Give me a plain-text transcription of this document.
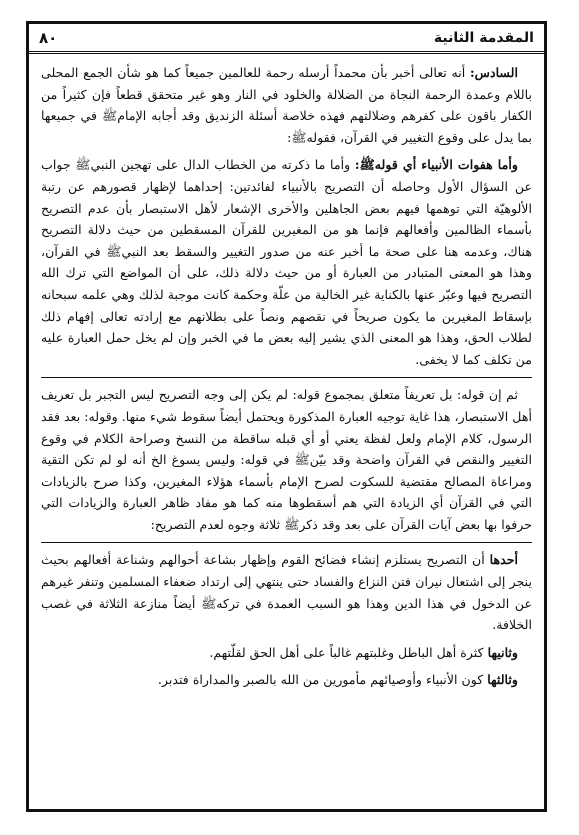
المقدمة الثانية
٨٠

السادس: أنه تعالى أخبر بأن محمداً أرسله رحمة للعالمين جميعاً كما هو شأن الجمع المحلى باللام وعمدة الرحمة النجاة من الضلالة والخلود في النار وهو غير متحقق قطعاً فإن كثيراً من الكفار باقون على كفرهم وضلالتهم فهذه خلاصة أسئلة الزنديق وقد أجابه الإمامﷺ في جميعها بما يدل على وقوع التغيير في القرآن، فقولهﷺ:

وأما هفوات الأنبياء أي قولهﷺ: وأما ما ذكرته من الخطاب الدال على تهجين النبيﷺ جواب عن السؤال الأول وحاصله أن التصريح بالأنبياء لفائدتين: إحداهما لإظهار قصورهم عن رتبة الألوهيّة التي توهمها فيهم بعض الجاهلين والأخرى الإشعار لأهل الاستبصار بأن عدم التصريح بأسماء الظالمين وأفعالهم فإنما هو من المغيرين للقرآن المسقطين من حيث دلالة التصريح هناك، وعدمه هنا على صحة ما أخبر عنه من صدور التغيير والسقط بعد النبيﷺ في القرآن، وهذا هو المعنى المتبادر من العبارة أو من حيث دلالة ذلك، على أن المواضع التي ترك الله التصريح فيها وعبّر عنها بالكناية غير الخالية من علّة وحكمة كانت موجبة لذلك وهي علمه سبحانه بإسقاط المغيرين ما يكون صريحاً في نقصهم ونصاً على بطلانهم مع إرادته تعالى إفهام ذلك لطلاب الحق، وهذا هو المعنى الذي يشير إليه بعض ما في الخبر وإن لم يخل حمل العبارة عليه من تكلف كما لا يخفى.

ثم إن قوله: بل تعريفاً متعلق بمجموع قوله: لم يكن إلى وجه التصريح ليس التجبر بل تعريف أهل الاستبصار، هذا غاية توجيه العبارة المذكورة ويحتمل أيضاً سقوط شيء منها. وقوله: بعد فقد الرسول، كلام الإمام ولعل لفظة يعني أو أي قبله ساقطة من النسخ وصراحة الكلام في وقوع التغيير والنقص في القرآن واضحة وقد بيّنﷺ في قوله: وليس يسوغ الخ أنه لو لم تكن التقية ومراعاة المصالح مقتضية للسكوت لصرح الإمام بأسماء هؤلاء المغيرين، وكذا صرح بالزيادات التي في القرآن أي الزيادة التي هم أسقطوها منه كما هو مفاد ظاهر العبارة والزيادات التي حرفوا بها بعض آيات القرآن على بعد وقد ذكرﷺ ثلاثة وجوه لعدم التصريح:

أحدها أن التصريح يستلزم إنشاء فضائح القوم وإظهار بشاعة أحوالهم وشناعة أفعالهم بحيث ينجر إلى اشتعال نيران فتن النزاع والفساد حتى ينتهي إلى ارتداد ضعفاء المسلمين وتنفر غيرهم عن الدخول في هذا الدين وهذا هو السبب العمدة في تركهﷺ أيضاً منازعة الثلاثة في غصب الخلافة.

وثانيها كثرة أهل الباطل وغلبتهم غالباً على أهل الحق لقلّتهم.

وثالثها كون الأنبياء وأوصيائهم مأمورين من الله بالصبر والمداراة فتدبر.
